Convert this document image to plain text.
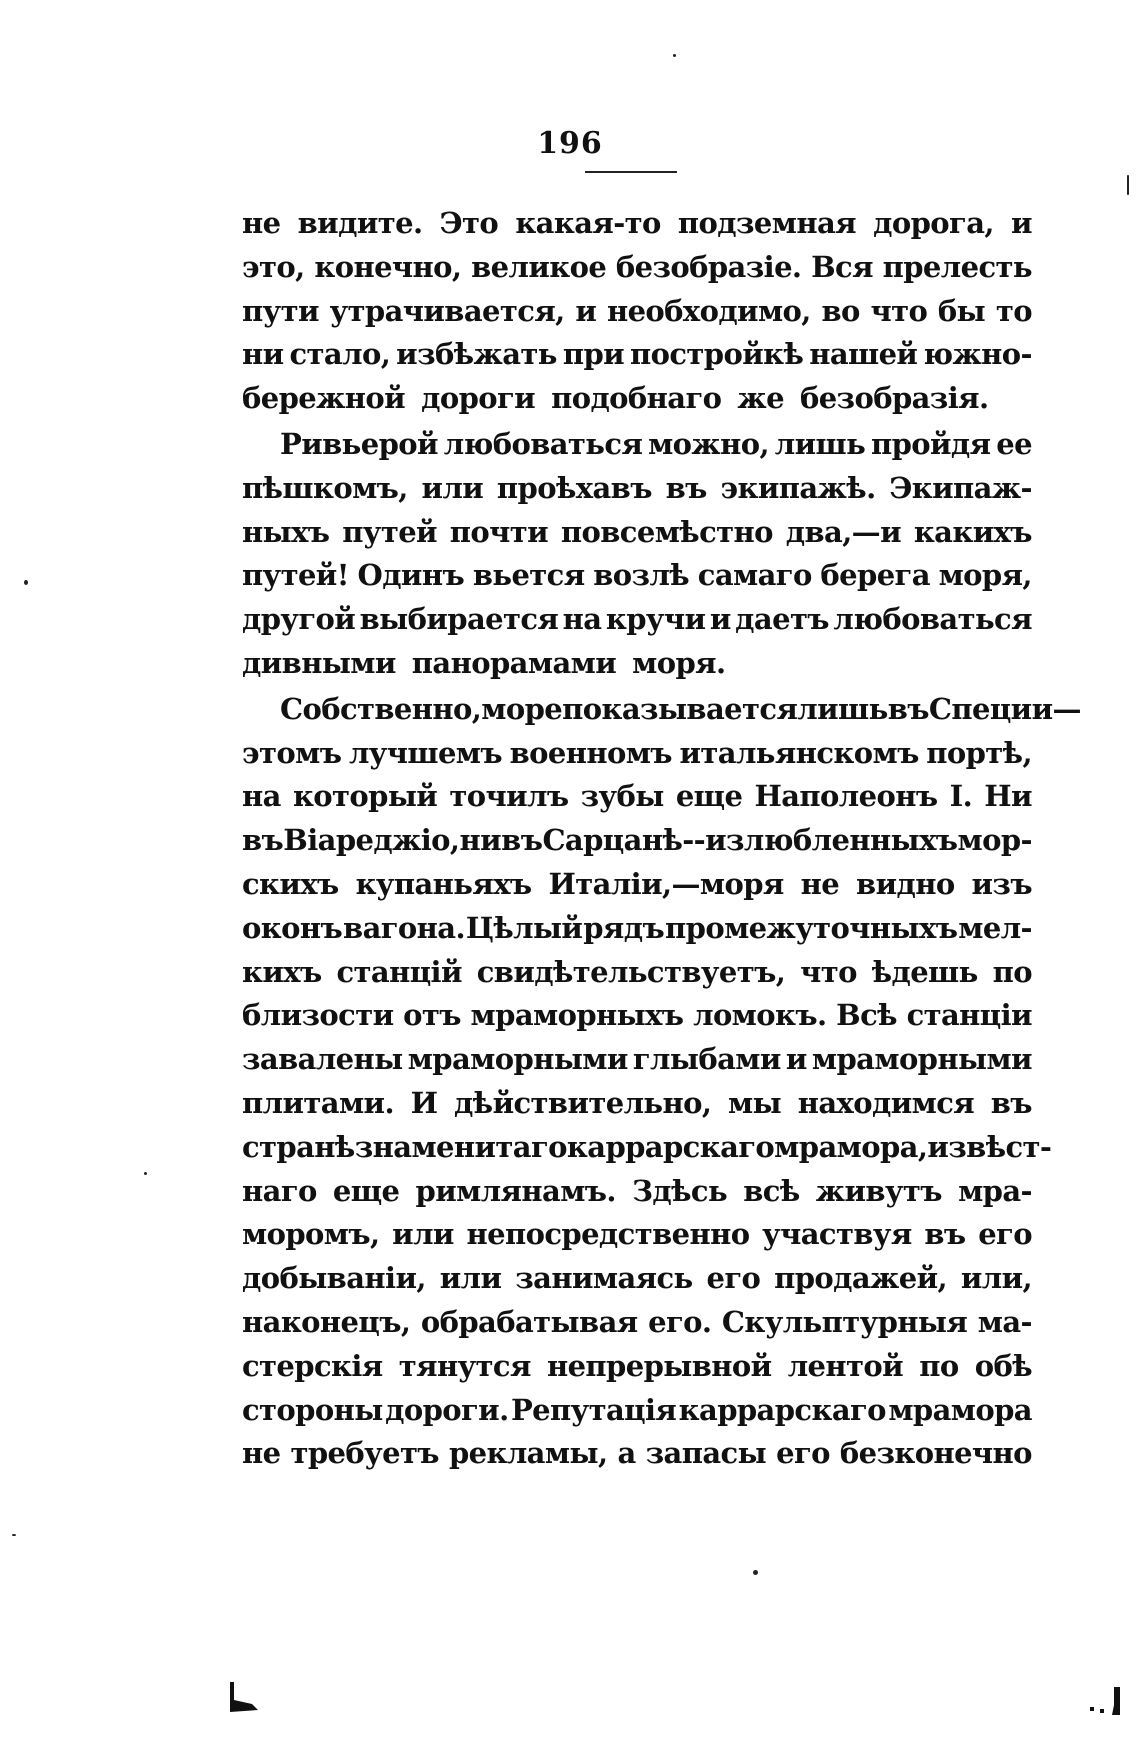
196
не видите. Это какая-то подземная дорога, и
это, конечно, великое безобразіе. Вся прелесть
пути утрачивается, и необходимо, во что бы то
ни стало, избѣжать при постройкѣ нашей южно-
бережной дороги подобнаго же безобразія.
Ривьерой любоваться можно, лишь пройдя ее
пѣшкомъ, или проѣхавъ въ экипажѣ. Экипаж-
ныхъ путей почти повсемѣстно два,—и какихъ
путей! Одинъ вьется возлѣ самаго берега моря,
другой выбирается на кручи и даетъ любоваться
дивными панорамами моря.
Собственно, море показывается лишь въ Специи—
этомъ лучшемъ военномъ итальянскомъ портѣ,
на который точилъ зубы еще Наполеонъ I. Ни
въ Віареджіо, ни въ Сарцанѣ--излюбленныхъ мор-
скихъ купаньяхъ Италіи,—моря не видно изъ
оконъ вагона. Цѣлый рядъ промежуточныхъ мел-
кихъ станцій свидѣтельствуетъ, что ѣдешь по
близости отъ мраморныхъ ломокъ. Всѣ станціи
завалены мраморными глыбами и мраморными
плитами. И дѣйствительно, мы находимся въ
странѣ знаменитаго каррарскаго мрамора, извѣст-
наго еще римлянамъ. Здѣсь всѣ живутъ мра-
моромъ, или непосредственно участвуя въ его
добываніи, или занимаясь его продажей, или,
наконецъ, обрабатывая его. Скульптурныя ма-
стерскія тянутся непрерывной лентой по обѣ
стороны дороги. Репутація каррарскаго мрамора
не требуетъ рекламы, а запасы его безконечно
